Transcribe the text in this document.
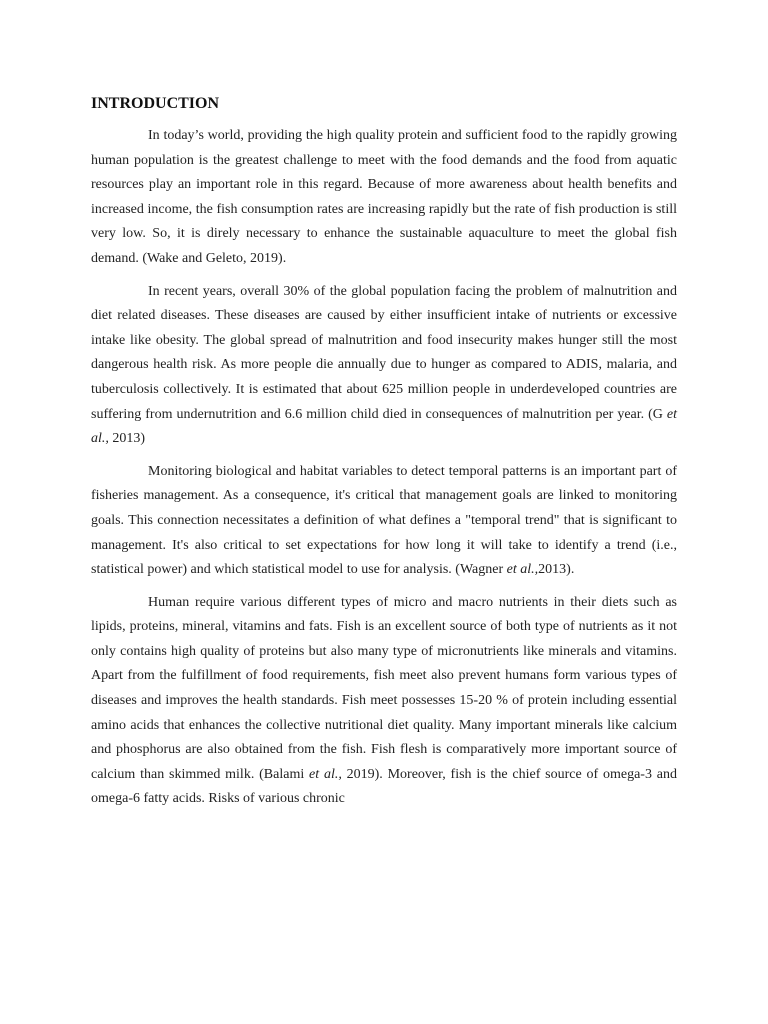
INTRODUCTION

In today’s world, providing the high quality protein and sufficient food to the rapidly growing human population is the greatest challenge to meet with the food demands and the food from aquatic resources play an important role in this regard. Because of more awareness about health benefits and increased income, the fish consumption rates are increasing rapidly but the rate of fish production is still very low. So, it is direly necessary to enhance the sustainable aquaculture to meet the global fish demand. (Wake and Geleto, 2019).

In recent years, overall 30% of the global population facing the problem of malnutrition and diet related diseases. These diseases are caused by either insufficient intake of nutrients or excessive intake like obesity. The global spread of malnutrition and food insecurity makes hunger still the most dangerous health risk. As more people die annually due to hunger as compared to ADIS, malaria, and tuberculosis collectively. It is estimated that about 625 million people in underdeveloped countries are suffering from undernutrition and 6.6 million child died in consequences of malnutrition per year. (G et al., 2013)

Monitoring biological and habitat variables to detect temporal patterns is an important part of fisheries management. As a consequence, it's critical that management goals are linked to monitoring goals. This connection necessitates a definition of what defines a "temporal trend" that is significant to management. It's also critical to set expectations for how long it will take to identify a trend (i.e., statistical power) and which statistical model to use for analysis. (Wagner et al.,2013).

Human require various different types of micro and macro nutrients in their diets such as lipids, proteins, mineral, vitamins and fats. Fish is an excellent source of both type of nutrients as it not only contains high quality of proteins but also many type of micronutrients like minerals and vitamins. Apart from the fulfillment of food requirements, fish meet also prevent humans form various types of diseases and improves the health standards. Fish meet possesses 15-20 % of protein including essential amino acids that enhances the collective nutritional diet quality. Many important minerals like calcium and phosphorus are also obtained from the fish. Fish flesh is comparatively more important source of calcium than skimmed milk. (Balami et al., 2019). Moreover, fish is the chief source of omega-3 and omega-6 fatty acids. Risks of various chronic
